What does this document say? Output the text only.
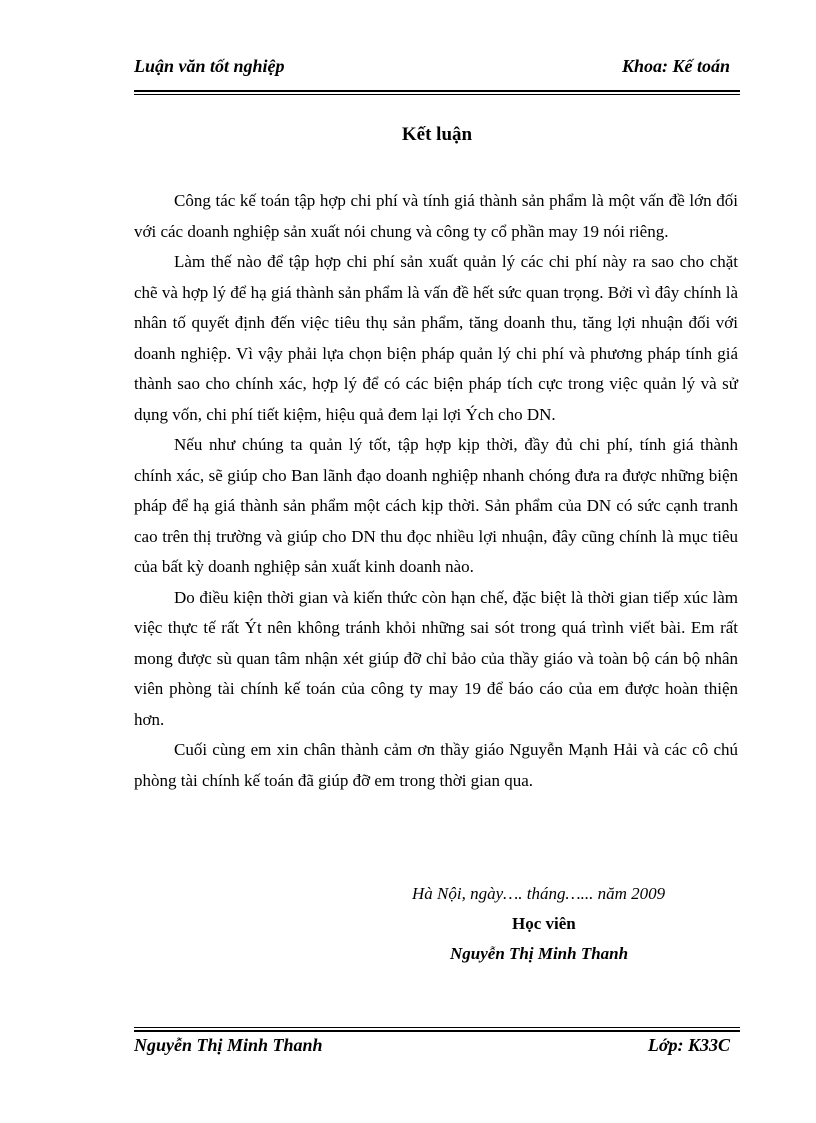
Luận văn tốt nghiệp	Khoa: Kế toán
Kết luận

Công tác kế toán tập hợp chi phí và tính giá thành sản phẩm là một vấn đề lớn đối với các doanh nghiệp sản xuất nói chung và công ty cổ phần may 19 nói riêng.

Làm thế nào để tập hợp chi phí sản xuất quản lý các chi phí này ra sao cho chặt chẽ và hợp lý để hạ giá thành sản phẩm là vấn đề hết sức quan trọng. Bởi vì đây chính là nhân tố quyết định đến việc tiêu thụ sản phẩm, tăng doanh thu, tăng lợi nhuận đối với doanh nghiệp. Vì vậy phải lựa chọn biện pháp quản lý chi phí và phương pháp tính giá thành sao cho chính xác, hợp lý để có các biện pháp tích cực trong việc quản lý và sử dụng vốn, chi phí tiết kiệm, hiệu quả đem lại lợi Ých cho DN.

Nếu như chúng ta quản lý tốt, tập hợp kịp thời, đầy đủ chi phí, tính giá thành chính xác, sẽ giúp cho Ban lãnh đạo doanh nghiệp nhanh chóng đưa ra được những biện pháp để hạ giá thành sản phẩm một cách kịp thời. Sản phẩm của DN có sức cạnh tranh cao trên thị trường và giúp cho DN thu đọc nhiều lợi nhuận, đây cũng chính là mục tiêu của bất kỳ doanh nghiệp sản xuất kinh doanh nào.

Do điều kiện thời gian và kiến thức còn hạn chế, đặc biệt là thời gian tiếp xúc làm việc thực tế rất Ýt nên không tránh khỏi những sai sót trong quá trình viết bài. Em rất mong được sù quan tâm nhận xét giúp đỡ chỉ bảo của thầy giáo và toàn bộ cán bộ nhân viên phòng tài chính kế toán của công ty may 19 để báo cáo của em được hoàn thiện hơn.

Cuối cùng em xin chân thành cảm ơn thầy giáo Nguyễn Mạnh Hải và các cô chú phòng tài chính kế toán đã giúp đỡ em trong thời gian qua.

Hà Nội, ngày…. tháng…... năm 2009
Học viên
Nguyễn Thị Minh Thanh
Nguyễn Thị Minh Thanh	Lớp: K33C
